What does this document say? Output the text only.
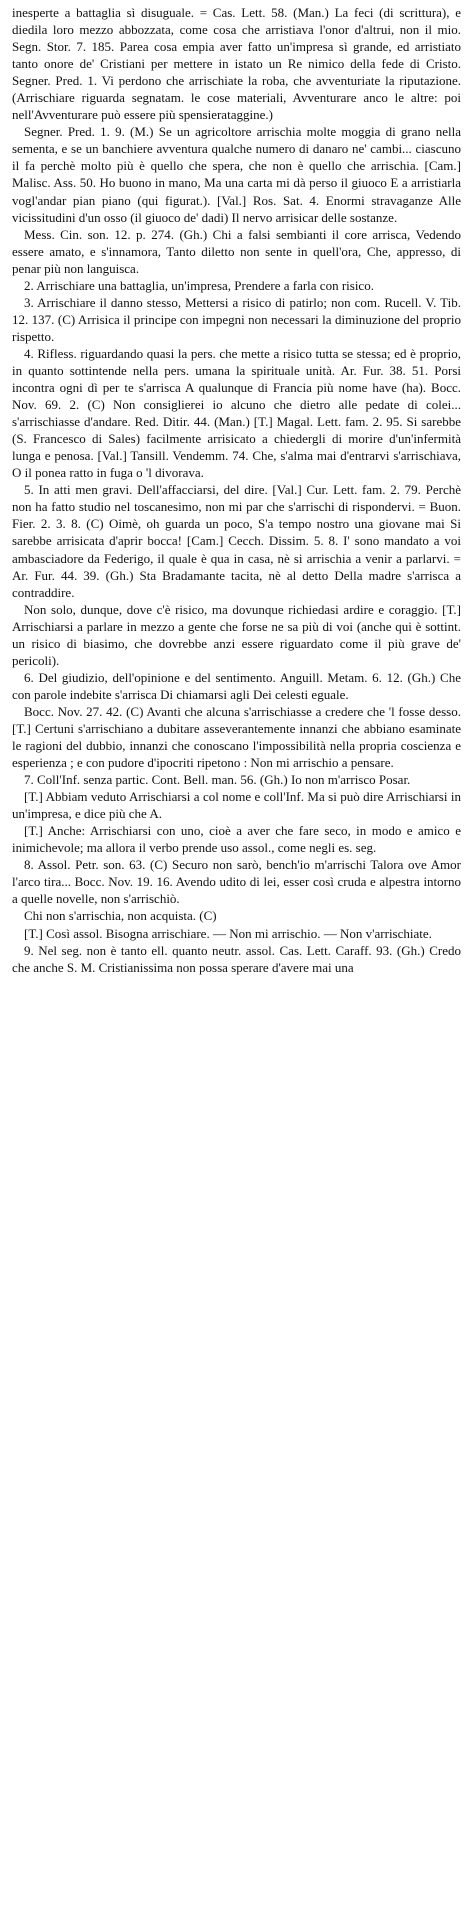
inesperte a battaglia sì disuguale. = Cas. Lett. 58. (Man.) La feci (di scrittura), e diedila loro mezzo abbozzata, come cosa che arristiava l'onor d'altrui, non il mio. Segn. Stor. 7. 185. Parea cosa empia aver fatto un'impresa sì grande, ed arristiato tanto onore de' Cristiani per mettere in istato un Re nimico della fede di Cristo. Segner. Pred. 1. Vi perdono che arrischiate la roba, che avventuriate la riputazione. (Arrischiare riguarda segnatam. le cose materiali, Avventurare anco le altre: poi nell'Avventurare può essere più spensierataggine.)

Segner. Pred. 1. 9. (M.) Se un agricoltore arrischia molte moggia di grano nella sementa, e se un banchiere avventura qualche numero di danaro ne' cambi... ciascuno il fa perchè molto più è quello che spera, che non è quello che arrischia. [Cam.] Malisc. Ass. 50. Ho buono in mano, Ma una carta mi dà perso il giuoco E a arristiarla vogl'andar pian piano (qui figurat.). [Val.] Ros. Sat. 4. Enormi stravaganze Alle vicissitudini d'un osso (il giuoco de' dadi) Il nervo arrisicar delle sostanze.

Mess. Cin. son. 12. p. 274. (Gh.) Chi a falsi sembianti il core arrisca, Vedendo essere amato, e s'innamora, Tanto diletto non sente in quell'ora, Che, appresso, di penar più non languisca.

2. Arrischiare una battaglia, un'impresa, Prendere a farla con risico.

3. Arrischiare il danno stesso, Mettersi a risico di patirlo; non com. Rucell. V. Tib. 12. 137. (C) Arrisica il principe con impegni non necessari la diminuzione del proprio rispetto.

4. Rifless. riguardando quasi la pers. che mette a risico tutta se stessa; ed è proprio, in quanto sottintende nella pers. umana la spirituale unità. Ar. Fur. 38. 51. Porsi incontra ogni dì per te s'arrisca A qualunque di Francia più nome have (ha). Bocc. Nov. 69. 2. (C) Non consiglierei io alcuno che dietro alle pedate di colei... s'arrischiasse d'andare. Red. Ditir. 44. (Man.) [T.] Magal. Lett. fam. 2. 95. Si sarebbe (S. Francesco di Sales) facilmente arrisicato a chiedergli di morire d'un'infermità lunga e penosa. [Val.] Tansill. Vendemm. 74. Che, s'alma mai d'entrarvi s'arrischiava, O il ponea ratto in fuga o 'l divorava.

5. In atti men gravi. Dell'affacciarsi, del dire. [Val.] Cur. Lett. fam. 2. 79. Perchè non ha fatto studio nel toscanesimo, non mi par che s'arrischi di rispondervi. = Buon. Fier. 2. 3. 8. (C) Oimè, oh guarda un poco, S'a tempo nostro una giovane mai Si sarebbe arrisicata d'aprir bocca! [Cam.] Cecch. Dissim. 5. 8. I' sono mandato a voi ambasciadore da Federigo, il quale è qua in casa, nè si arrischia a venir a parlarvi. = Ar. Fur. 44. 39. (Gh.) Sta Bradamante tacita, nè al detto Della madre s'arrisca a contraddire.

Non solo, dunque, dove c'è risico, ma dovunque richiedasi ardire e coraggio. [T.] Arrischiarsi a parlare in mezzo a gente che forse ne sa più di voi (anche qui è sottint. un risico di biasimo, che dovrebbe anzi essere riguardato come il più grave de' pericoli).

6. Del giudizio, dell'opinione e del sentimento. Anguill. Metam. 6. 12. (Gh.) Che con parole indebite s'arrisca Di chiamarsi agli Dei celesti eguale.

Bocc. Nov. 27. 42. (C) Avanti che alcuna s'arrischiasse a credere che 'l fosse desso. [T.] Certuni s'arrischiano a dubitare asseverantemente innanzi che abbiano esaminate le ragioni del dubbio, innanzi che conoscano l'impossibilità nella propria coscienza e esperienza ; e con pudore d'ipocriti ripetono : Non mi arrischio a pensare.

7. Coll'Inf. senza partic. Cont. Bell. man. 56. (Gh.) Io non m'arrisco Posar.

[T.] Abbiam veduto Arrischiarsi a col nome e coll'Inf. Ma si può dire Arrischiarsi in un'impresa, e dice più che A.

[T.] Anche: Arrischiarsi con uno, cioè a aver che fare seco, in modo e amico e inimichevole; ma allora il verbo prende uso assol., come negli es. seg.

8. Assol. Petr. son. 63. (C) Securo non sarò, bench'io m'arrischi Talora ove Amor l'arco tira... Bocc. Nov. 19. 16. Avendo udito di lei, esser così cruda e alpestra intorno a quelle novelle, non s'arrischiò.

Chi non s'arrischia, non acquista. (C)

[T.] Così assol. Bisogna arrischiare. — Non mi arrischio. — Non v'arrischiate.

9. Nel seg. non è tanto ell. quanto neutr. assol. Cas. Lett. Caraff. 93. (Gh.) Credo che anche S. M. Cristianissima non possa sperare d'avere mai una
